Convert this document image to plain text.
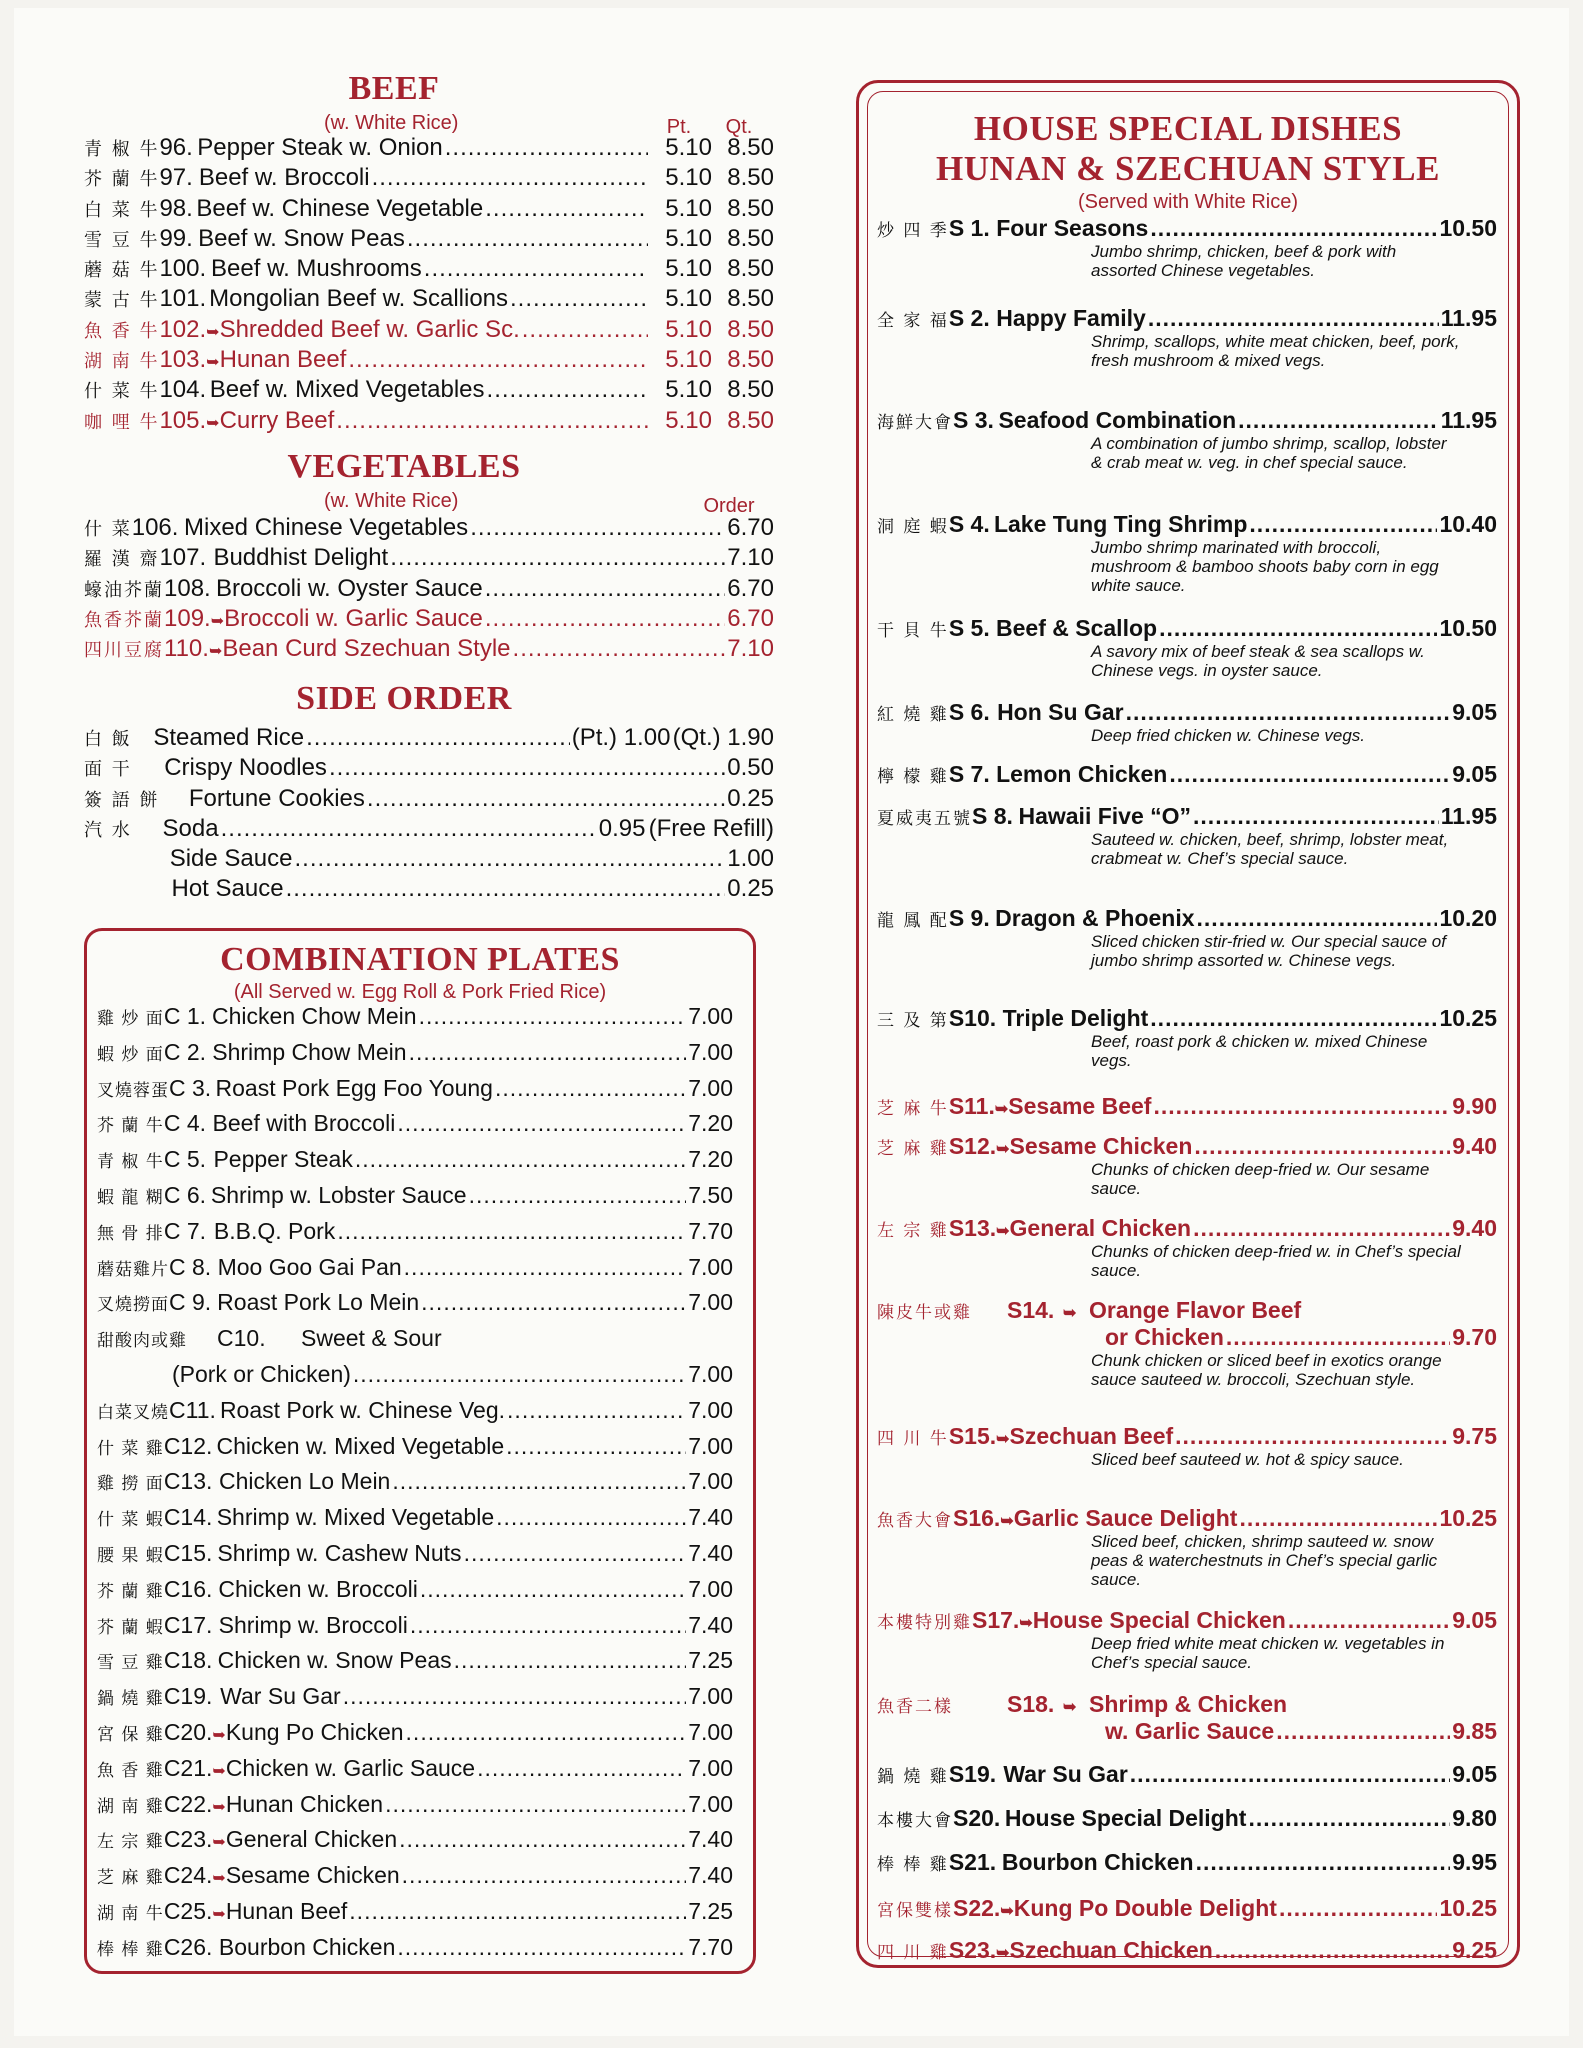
BEEF
(w. White Rice)	Pt.	Qt.
青 椒 牛 96. Pepper Steak w. Onion .....	5.10 8.50
芥 蘭 牛 97. Beef w. Broccoli .....	5.10 8.50
白 菜 牛 98. Beef w. Chinese Vegetable .....	5.10 8.50
雪 豆 牛 99. Beef w. Snow Peas .....	5.10 8.50
蘑 菇 牛 100. Beef w. Mushrooms .....	5.10 8.50
蒙 古 牛 101. Mongolian Beef w. Scallions .....	5.10 8.50
魚 香 牛 102. ➥ Shredded Beef w. Garlic Sc. .....	5.10 8.50
湖 南 牛 103. ➥ Hunan Beef .....	5.10 8.50
什 菜 牛 104. Beef w. Mixed Vegetables .....	5.10 8.50
咖 哩 牛 105. ➥ Curry Beef .....	5.10 8.50
VEGETABLES
(w. White Rice)	Order
什 菜 106. Mixed Chinese Vegetables .....	6.70
羅 漢 齋 107. Buddhist Delight .....	7.10
蠔油芥蘭 108. Broccoli w. Oyster Sauce .....	6.70
魚香芥蘭 109. ➥ Broccoli w. Garlic Sauce .....	6.70
四川豆腐 110. ➥ Bean Curd Szechuan Style .....	7.10
SIDE ORDER
白 飯 Steamed Rice .....	(Pt.) 1.00 (Qt.) 1.90
面 干 Crispy Noodles .....	0.50
簽 語 餅 Fortune Cookies .....	0.25
汽 水 Soda .....	0.95 (Free Refill)
Side Sauce .....	1.00
Hot Sauce .....	0.25
COMBINATION PLATES
(All Served w. Egg Roll & Pork Fried Rice)
雞 炒 面 C 1. Chicken Chow Mein .....	7.00
蝦 炒 面 C 2. Shrimp Chow Mein .....	7.00
叉燒蓉蛋 C 3. Roast Pork Egg Foo Young .....	7.00
芥 蘭 牛 C 4. Beef with Broccoli .....	7.20
青 椒 牛 C 5. Pepper Steak .....	7.20
蝦 龍 糊 C 6. Shrimp w. Lobster Sauce .....	7.50
無 骨 排 C 7. B.B.Q. Pork .....	7.70
蘑菇雞片 C 8. Moo Goo Gai Pan .....	7.00
叉燒撈面 C 9. Roast Pork Lo Mein .....	7.00
甜酸肉或雞	C10.	Sweet & Sour
(Pork or Chicken) .....	7.00
白菜叉燒 C11. Roast Pork w. Chinese Veg. .....	7.00
什 菜 雞 C12. Chicken w. Mixed Vegetable .....	7.00
雞 撈 面 C13. Chicken Lo Mein .....	7.00
什 菜 蝦 C14. Shrimp w. Mixed Vegetable .....	7.40
腰 果 蝦 C15. Shrimp w. Cashew Nuts .....	7.40
芥 蘭 雞 C16. Chicken w. Broccoli .....	7.00
芥 蘭 蝦 C17. Shrimp w. Broccoli .....	7.40
雪 豆 雞 C18. Chicken w. Snow Peas .....	7.25
鍋 燒 雞 C19. War Su Gar .....	7.00
宮 保 雞 C20. ➥ Kung Po Chicken .....	7.00
魚 香 雞 C21. ➥ Chicken w. Garlic Sauce .....	7.00
湖 南 雞 C22. ➥ Hunan Chicken .....	7.00
左 宗 雞 C23. ➥ General Chicken .....	7.40
芝 麻 雞 C24. ➥ Sesame Chicken .....	7.40
湖 南 牛 C25. ➥ Hunan Beef .....	7.25
棒 棒 雞 C26. Bourbon Chicken .....	7.70
HOUSE SPECIAL DISHES
HUNAN & SZECHUAN STYLE
(Served with White Rice)
炒 四 季 S 1. Four Seasons .....	10.50
Jumbo shrimp, chicken, beef & pork with assorted Chinese vegetables.
全 家 福 S 2. Happy Family .....	11.95
Shrimp, scallops, white meat chicken, beef, pork, fresh mushroom & mixed vegs.
海鮮大會 S 3. Seafood Combination .....	11.95
A combination of jumbo shrimp, scallop, lobster & crab meat w. veg. in chef special sauce.
洞 庭 蝦 S 4. Lake Tung Ting Shrimp .....	10.40
Jumbo shrimp marinated with broccoli, mushroom & bamboo shoots baby corn in egg white sauce.
干 貝 牛 S 5. Beef & Scallop .....	10.50
A savory mix of beef steak & sea scallops w. Chinese vegs. in oyster sauce.
紅 燒 雞 S 6. Hon Su Gar .....	9.05
Deep fried chicken w. Chinese vegs.
檸 檬 雞 S 7. Lemon Chicken .....	9.05
夏威夷五號 S 8. Hawaii Five “O” .....	11.95
Sauteed w. chicken, beef, shrimp, lobster meat, crabmeat w. Chef’s special sauce.
龍 鳳 配 S 9. Dragon & Phoenix .....	10.20
Sliced chicken stir-fried w. Our special sauce of jumbo shrimp assorted w. Chinese vegs.
三 及 第 S10. Triple Delight .....	10.25
Beef, roast pork & chicken w. mixed Chinese vegs.
芝 麻 牛 S11. ➥ Sesame Beef .....	9.90
芝 麻 雞 S12. ➥ Sesame Chicken .....	9.40
Chunks of chicken deep-fried w. Our sesame sauce.
左 宗 雞 S13. ➥ General Chicken .....	9.40
Chunks of chicken deep-fried w. in Chef’s special sauce.
陳皮牛或雞	S14. ➥ Orange Flavor Beef
or Chicken .....	9.70
Chunk chicken or sliced beef in exotics orange sauce sauteed w. broccoli, Szechuan style.
四 川 牛 S15. ➥ Szechuan Beef .....	9.75
Sliced beef sauteed w. hot & spicy sauce.
魚香大會 S16. ➥ Garlic Sauce Delight .....	10.25
Sliced beef, chicken, shrimp sauteed w. snow peas & waterchestnuts in Chef’s special garlic sauce.
本樓特別雞 S17. ➥ House Special Chicken .....	9.05
Deep fried white meat chicken w. vegetables in Chef’s special sauce.
魚香二樣	S18. ➥ Shrimp & Chicken
w. Garlic Sauce .....	9.85
鍋 燒 雞 S19. War Su Gar .....	9.05
本樓大會 S20. House Special Delight .....	9.80
棒 棒 雞 S21. Bourbon Chicken .....	9.95
宮保雙樣 S22. ➥ Kung Po Double Delight .....	10.25
四 川 雞 S23. ➥ Szechuan Chicken .....	9.25
